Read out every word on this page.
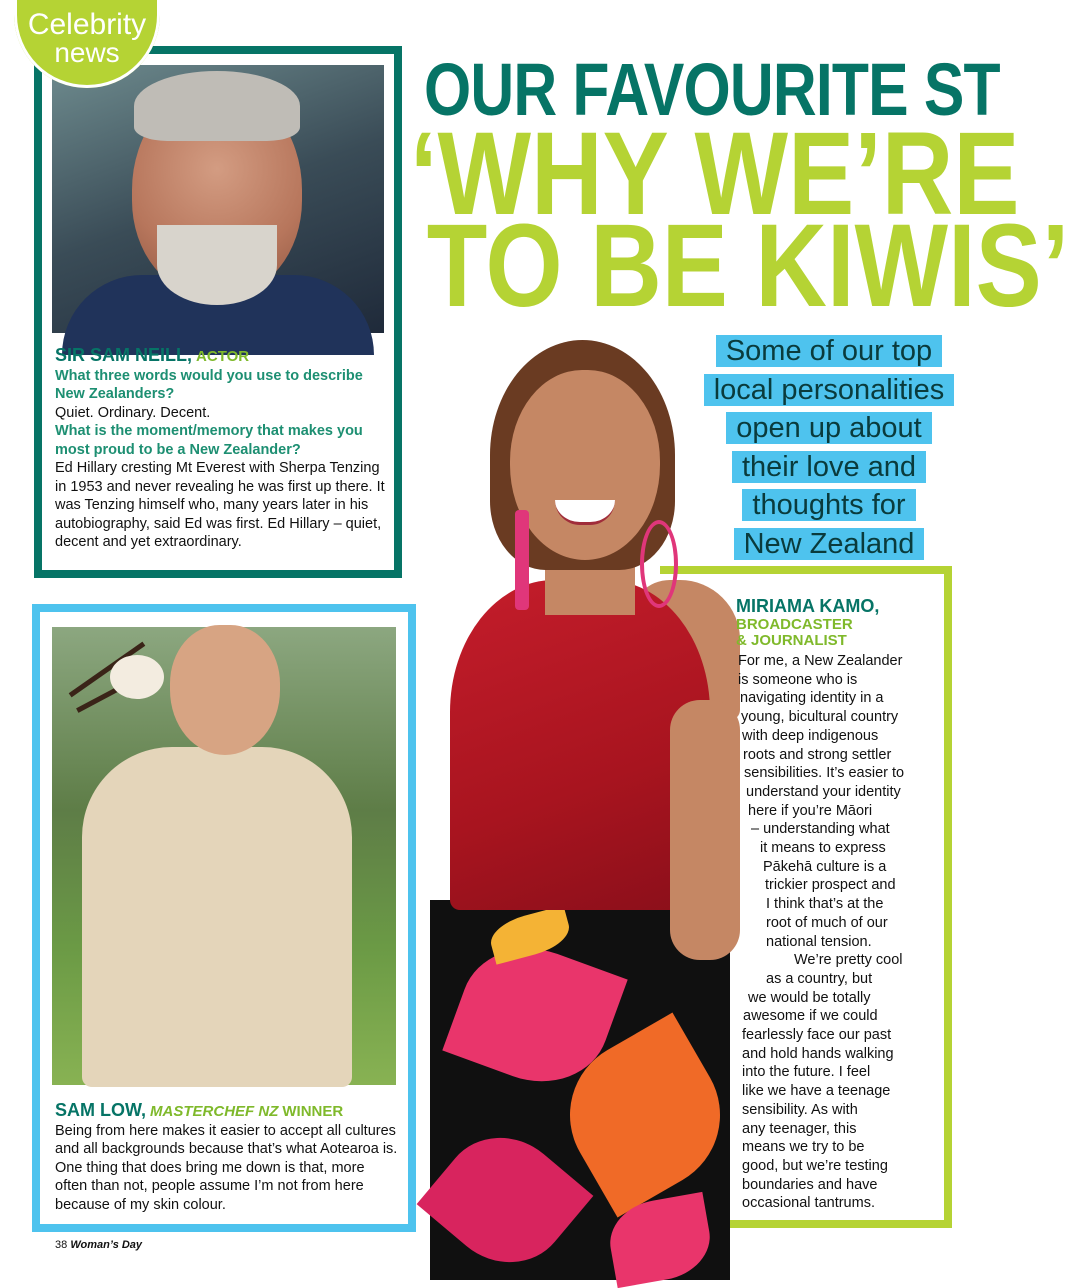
OUR FAVOURITE ST
‘WHY WE’RE
TO BE KIWIS’
Some of our top
local personalities
open up about
their love and
thoughts for
New Zealand
SIR SAM NEILL, ACTOR
What three words would you use to describe New Zealanders?
Quiet. Ordinary. Decent.
What is the moment/memory that makes you most proud to be a New Zealander?
Ed Hillary cresting Mt Everest with Sherpa Tenzing in 1953 and never revealing he was first up there. It was Tenzing himself who, many years later in his autobiography, said Ed was first. Ed Hillary – quiet, decent and yet extraordinary.
Celebrity
news
SAM LOW, MASTERCHEF NZ WINNER
Being from here makes it easier to accept all cultures and all backgrounds because that’s what Aotearoa is. One thing that does bring me down is that, more often than not, people assume I’m not from here because of my skin colour.
MIRIAMA KAMO,
BROADCASTER
& JOURNALIST
For me, a New Zealander
is someone who is
navigating identity in a
young, bicultural country
with deep indigenous
roots and strong settler
sensibilities. It’s easier to
understand your identity
here if you’re Māori
– understanding what
it means to express
Pākehā culture is a
trickier prospect and
I think that’s at the
root of much of our
national tension.
We’re pretty cool
as a country, but
we would be totally
awesome if we could
fearlessly face our past
and hold hands walking
into the future. I feel
like we have a teenage
sensibility. As with
any teenager, this
means we try to be
good, but we’re testing
boundaries and have
occasional tantrums.
38 Woman’s Day
